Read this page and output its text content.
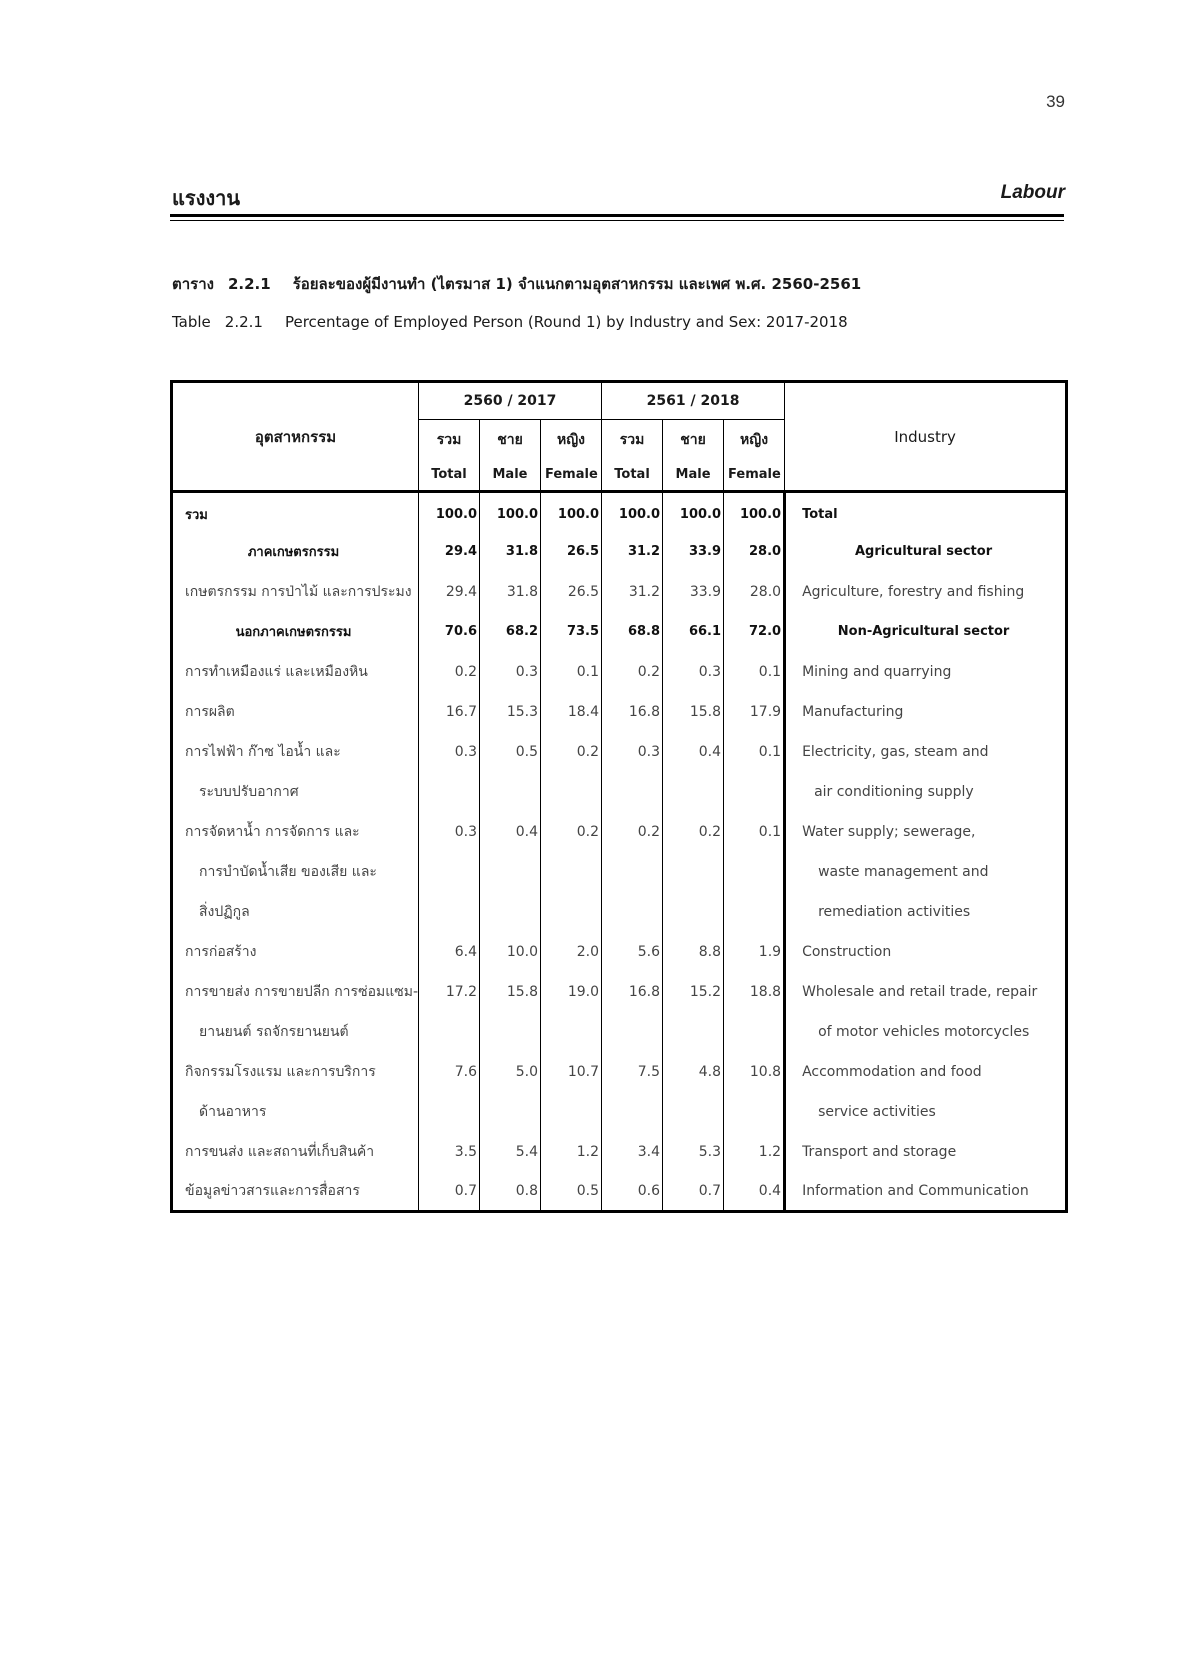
39
แรงงาน	Labour
ตาราง 2.2.1 ร้อยละของผู้มีงานทำ (ไตรมาส 1) จำแนกตามอุตสาหกรรม และเพศ พ.ศ. 2560-2561
Table 2.2.1 Percentage of Employed Person (Round 1) by Industry and Sex: 2017-2018
อุตสาหกรรม	2560 / 2017			2561 / 2018			Industry
	รวม	ชาย	หญิง	รวม	ชาย	หญิง	
	Total	Male	Female	Total	Male	Female	
รวม	100.0	100.0	100.0	100.0	100.0	100.0	Total
ภาคเกษตรกรรม	29.4	31.8	26.5	31.2	33.9	28.0	Agricultural sector
เกษตรกรรม การป่าไม้ และการประมง	29.4	31.8	26.5	31.2	33.9	28.0	Agriculture, forestry and fishing
นอกภาคเกษตรกรรม	70.6	68.2	73.5	68.8	66.1	72.0	Non-Agricultural sector
การทำเหมืองแร่ และเหมืองหิน	0.2	0.3	0.1	0.2	0.3	0.1	Mining and quarrying
การผลิต	16.7	15.3	18.4	16.8	15.8	17.9	Manufacturing
การไฟฟ้า ก๊าซ ไอน้ำ และ	0.3	0.5	0.2	0.3	0.4	0.1	Electricity, gas, steam and
ระบบปรับอากาศ							air conditioning supply
การจัดหาน้ำ การจัดการ และ	0.3	0.4	0.2	0.2	0.2	0.1	Water supply; sewerage,
การบำบัดน้ำเสีย ของเสีย และ							waste management and
สิ่งปฏิกูล							remediation activities
การก่อสร้าง	6.4	10.0	2.0	5.6	8.8	1.9	Construction
การขายส่ง การขายปลีก การซ่อมแซม-	17.2	15.8	19.0	16.8	15.2	18.8	Wholesale and retail trade, repair
ยานยนต์ รถจักรยานยนต์							of motor vehicles motorcycles
กิจกรรมโรงแรม และการบริการ	7.6	5.0	10.7	7.5	4.8	10.8	Accommodation and food
ด้านอาหาร							service activities
การขนส่ง และสถานที่เก็บสินค้า	3.5	5.4	1.2	3.4	5.3	1.2	Transport and storage
ข้อมูลข่าวสารและการสื่อสาร	0.7	0.8	0.5	0.6	0.7	0.4	Information and Communication
